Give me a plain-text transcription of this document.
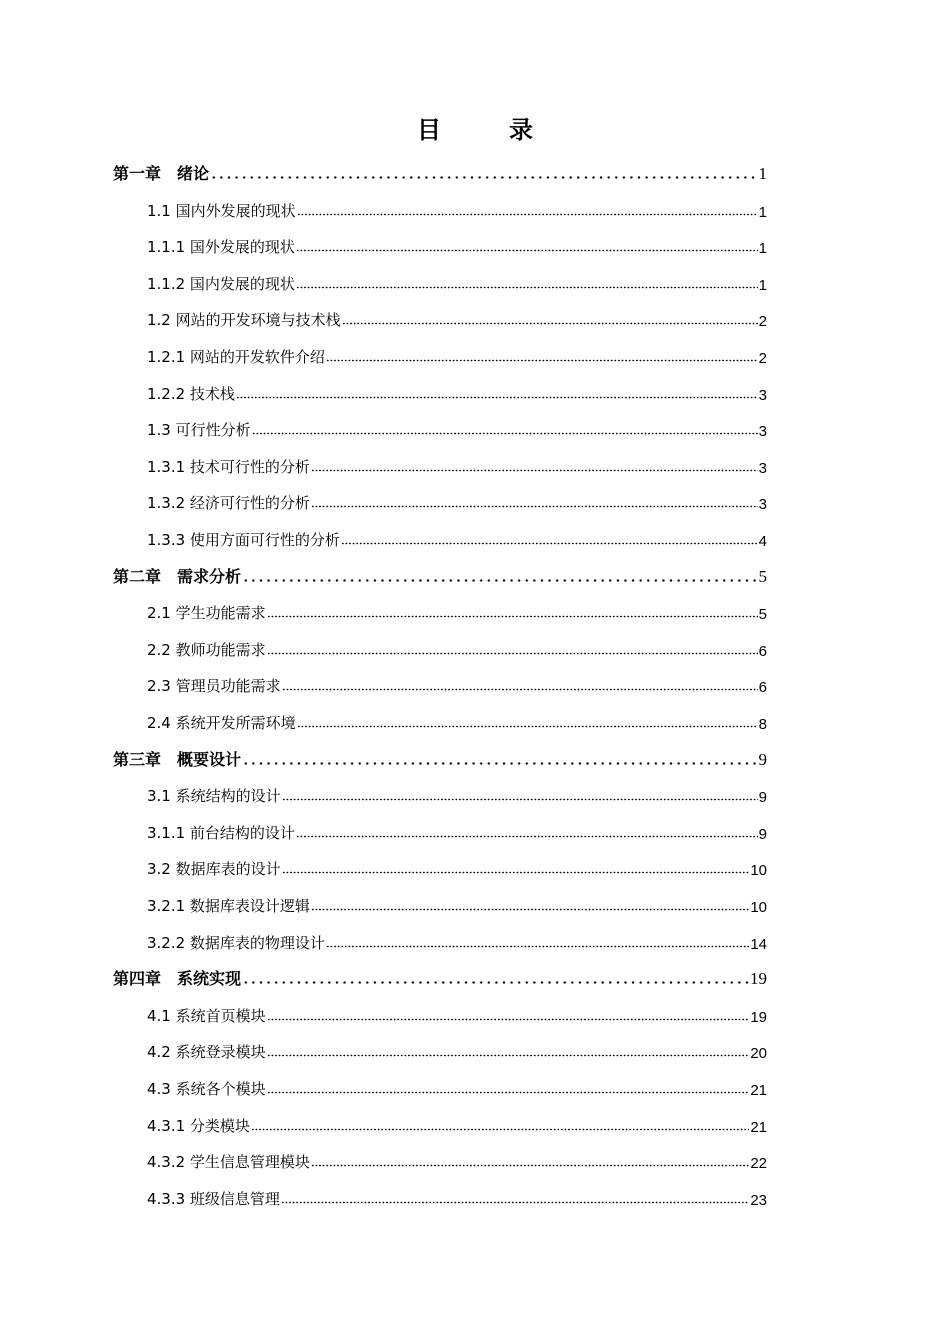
目　录
第一章　绪论	1
1.1 国内外发展的现状	1
1.1.1 国外发展的现状	1
1.1.2 国内发展的现状	1
1.2 网站的开发环境与技术栈	2
1.2.1 网站的开发软件介绍	2
1.2.2 技术栈	3
1.3 可行性分析	3
1.3.1 技术可行性的分析	3
1.3.2 经济可行性的分析	3
1.3.3 使用方面可行性的分析	4
第二章　需求分析	5
2.1 学生功能需求	5
2.2 教师功能需求	6
2.3 管理员功能需求	6
2.4 系统开发所需环境	8
第三章　概要设计	9
3.1 系统结构的设计	9
3.1.1 前台结构的设计	9
3.2 数据库表的设计	10
3.2.1 数据库表设计逻辑	10
3.2.2 数据库表的物理设计	14
第四章　系统实现	19
4.1 系统首页模块	19
4.2 系统登录模块	20
4.3 系统各个模块	21
4.3.1 分类模块	21
4.3.2 学生信息管理模块	22
4.3.3 班级信息管理	23
